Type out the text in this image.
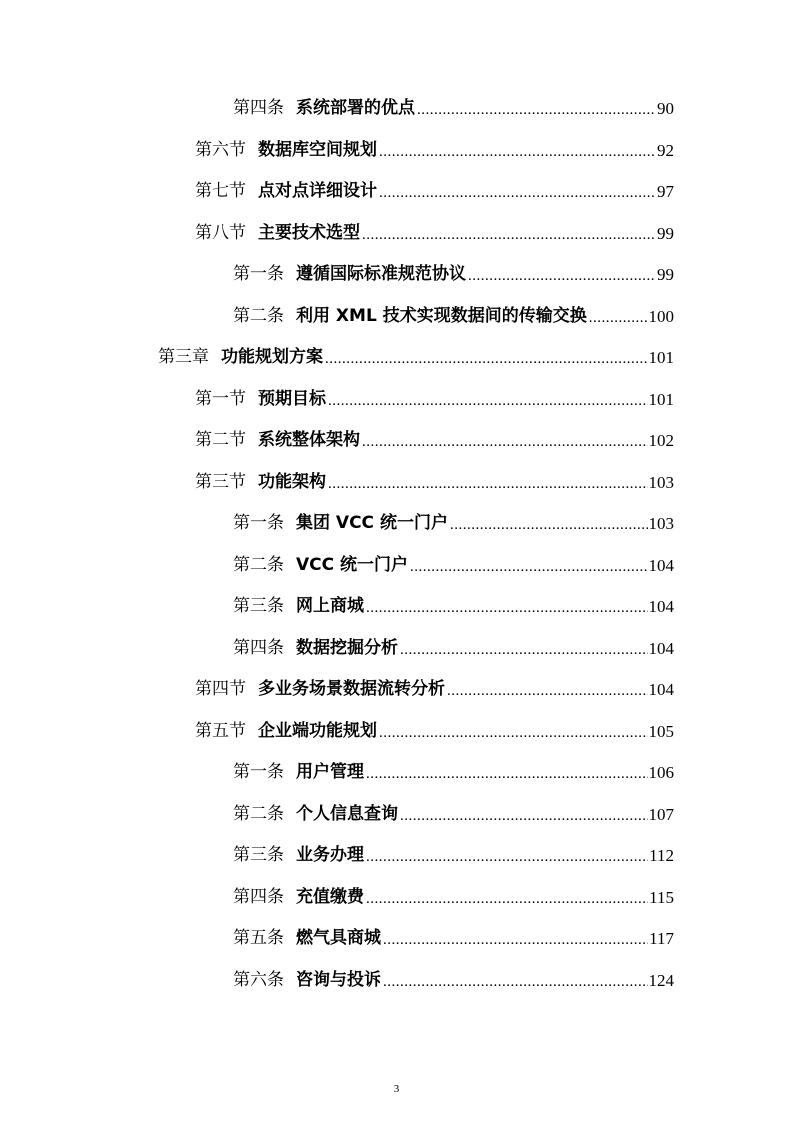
第四条 系统部署的优点 .....	90
第六节 数据库空间规划 .....	92
第七节 点对点详细设计 .....	97
第八节 主要技术选型 .....	99
第一条 遵循国际标准规范协议 .....	99
第二条 利用 XML 技术实现数据间的传输交换 .....	100
第三章 功能规划方案 .....	101
第一节 预期目标 .....	101
第二节 系统整体架构 .....	102
第三节 功能架构 .....	103
第一条 集团 VCC 统一门户 .....	103
第二条 VCC 统一门户 .....	104
第三条 网上商城 .....	104
第四条 数据挖掘分析 .....	104
第四节 多业务场景数据流转分析 .....	104
第五节 企业端功能规划 .....	105
第一条 用户管理 .....	106
第二条 个人信息查询 .....	107
第三条 业务办理 .....	112
第四条 充值缴费 .....	115
第五条 燃气具商城 .....	117
第六条 咨询与投诉 .....	124
3
